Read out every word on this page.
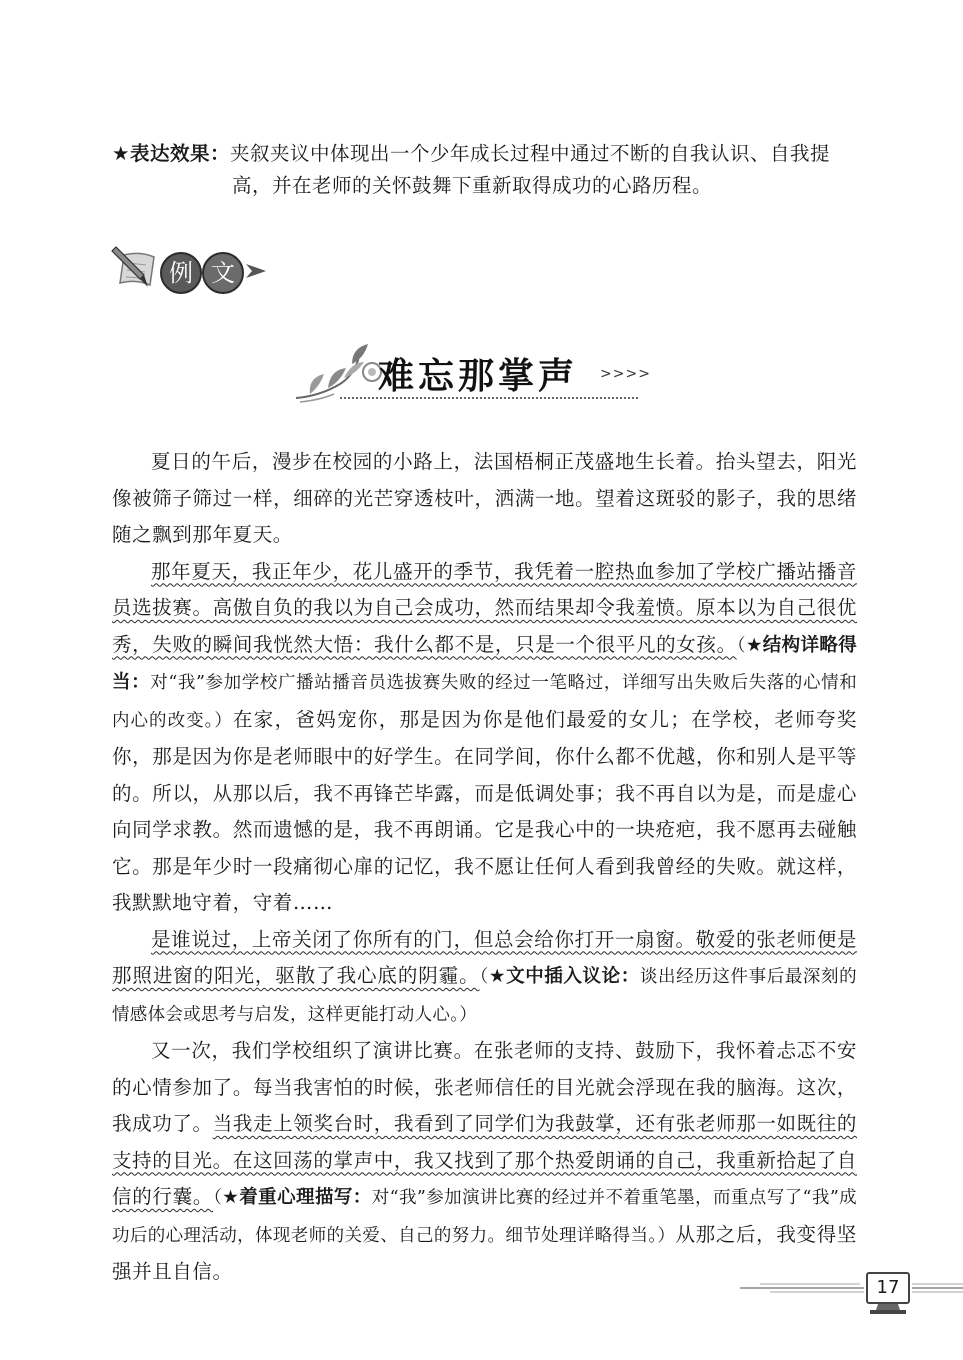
★表达效果：夹叙夹议中体现出一个少年成长过程中通过不断的自我认识、自我提
高，并在老师的关怀鼓舞下重新取得成功的心路历程。
例 文
难忘那掌声 >>>>

夏日的午后，漫步在校园的小路上，法国梧桐正茂盛地生长着。抬头望去，阳光像被筛子筛过一样，细碎的光芒穿透枝叶，洒满一地。望着这斑驳的影子，我的思绪随之飘到那年夏天。

那年夏天，我正年少，花儿盛开的季节，我凭着一腔热血参加了学校广播站播音员选拔赛。高傲自负的我以为自己会成功，然而结果却令我羞愤。原本以为自己很优秀，失败的瞬间我恍然大悟：我什么都不是，只是一个很平凡的女孩。（★结构详略得当：对“我”参加学校广播站播音员选拔赛失败的经过一笔略过，详细写出失败后失落的心情和内心的改变。）在家，爸妈宠你，那是因为你是他们最爱的女儿；在学校，老师夸奖你，那是因为你是老师眼中的好学生。在同学间，你什么都不优越，你和别人是平等的。所以，从那以后，我不再锋芒毕露，而是低调处事；我不再自以为是，而是虚心向同学求教。然而遗憾的是，我不再朗诵。它是我心中的一块疮疤，我不愿再去碰触它。那是年少时一段痛彻心扉的记忆，我不愿让任何人看到我曾经的失败。就这样，我默默地守着，守着……

是谁说过，上帝关闭了你所有的门，但总会给你打开一扇窗。敬爱的张老师便是那照进窗的阳光，驱散了我心底的阴霾。（★文中插入议论：谈出经历这件事后最深刻的情感体会或思考与启发，这样更能打动人心。）

又一次，我们学校组织了演讲比赛。在张老师的支持、鼓励下，我怀着忐忑不安的心情参加了。每当我害怕的时候，张老师信任的目光就会浮现在我的脑海。这次，我成功了。当我走上领奖台时，我看到了同学们为我鼓掌，还有张老师那一如既往的支持的目光。在这回荡的掌声中，我又找到了那个热爱朗诵的自己，我重新拾起了自信的行囊。（★着重心理描写：对“我”参加演讲比赛的经过并不着重笔墨，而重点写了“我”成功后的心理活动，体现老师的关爱、自己的努力。细节处理详略得当。）从那之后，我变得坚强并且自信。

17
